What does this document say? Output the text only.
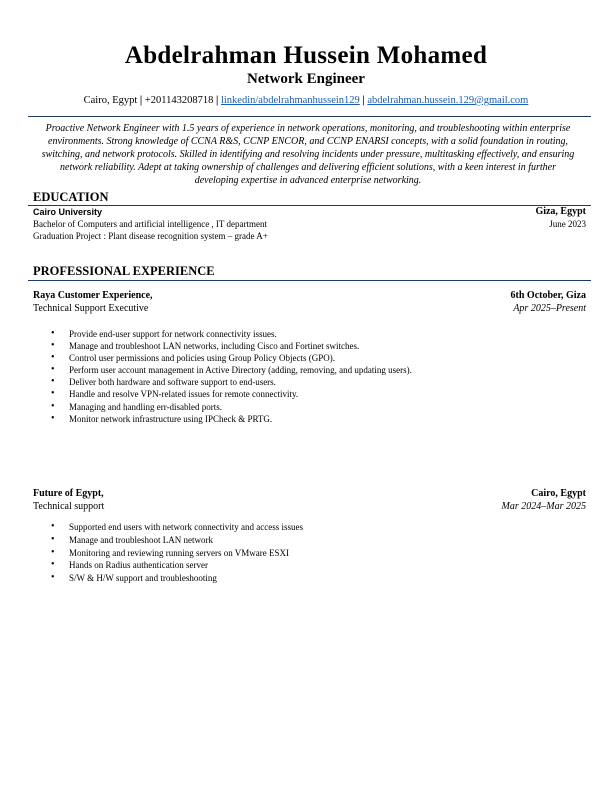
Abdelrahman Hussein Mohamed
Network Engineer
Cairo, Egypt | +201143208718 | linkedin/abdelrahmanhussein129 | abdelrahman.hussein.129@gmail.com
Proactive Network Engineer with 1.5 years of experience in network operations, monitoring, and troubleshooting within enterprise environments. Strong knowledge of CCNA R&S, CCNP ENCOR, and CCNP ENARSI concepts, with a solid foundation in routing, switching, and network protocols. Skilled in identifying and resolving incidents under pressure, multitasking effectively, and ensuring network reliability. Adept at taking ownership of challenges and delivering efficient solutions, with a keen interest in further developing expertise in advanced enterprise networking.
EDUCATION
Cairo University	Giza, Egypt
Bachelor of Computers and artificial intelligence , IT department	June 2023
Graduation Project : Plant disease recognition system – grade A+
PROFESSIONAL EXPERIENCE
Raya Customer Experience,	6th October, Giza
Technical Support Executive	Apr 2025–Present
• Provide end-user support for network connectivity issues.
• Manage and troubleshoot LAN networks, including Cisco and Fortinet switches.
• Control user permissions and policies using Group Policy Objects (GPO).
• Perform user account management in Active Directory (adding, removing, and updating users).
• Deliver both hardware and software support to end-users.
• Handle and resolve VPN-related issues for remote connectivity.
• Managing and handling err-disabled ports.
• Monitor network infrastructure using IPCheck & PRTG.
Future of Egypt,	Cairo, Egypt
Technical support	Mar 2024–Mar 2025
• Supported end users with network connectivity and access issues
• Manage and troubleshoot LAN network
• Monitoring and reviewing running servers on VMware ESXI
• Hands on Radius authentication server
• S/W & H/W support and troubleshooting
